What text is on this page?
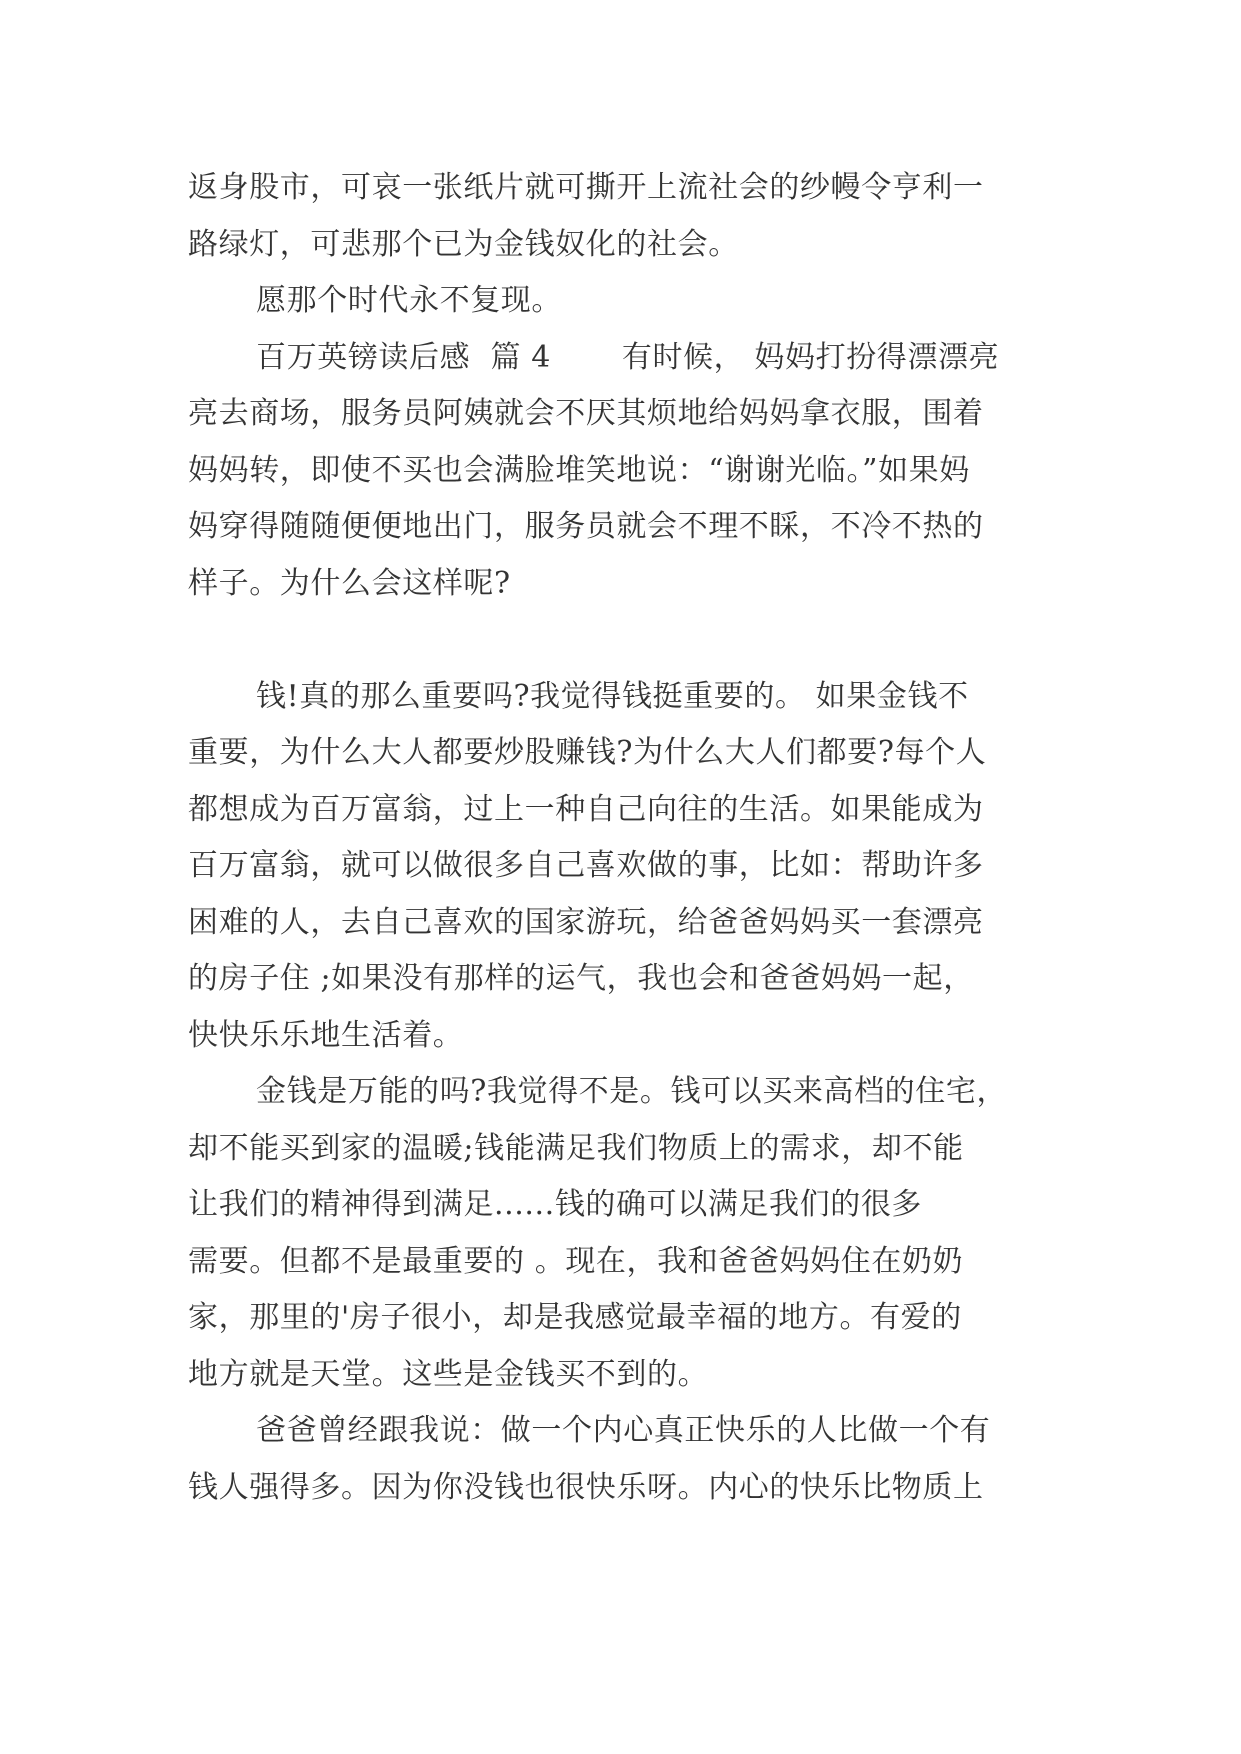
返身股市，可哀一张纸片就可撕开上流社会的纱幔令亨利一
路绿灯，可悲那个已为金钱奴化的社会。
愿那个时代永不复现。
百万英镑读后感  篇 4       有时候， 妈妈打扮得漂漂亮
亮去商场，服务员阿姨就会不厌其烦地给妈妈拿衣服，围着
妈妈转，即使不买也会满脸堆笑地说：“谢谢光临。”如果妈
妈穿得随随便便地出门，服务员就会不理不睬，不冷不热的
样子。为什么会这样呢?
钱!真的那么重要吗?我觉得钱挺重要的。 如果金钱不
重要，为什么大人都要炒股赚钱?为什么大人们都要?每个人
都想成为百万富翁，过上一种自己向往的生活。如果能成为
百万富翁，就可以做很多自己喜欢做的事，比如：帮助许多
困难的人，去自己喜欢的国家游玩，给爸爸妈妈买一套漂亮
的房子住 ;如果没有那样的运气，我也会和爸爸妈妈一起，
快快乐乐地生活着。
金钱是万能的吗?我觉得不是。钱可以买来高档的住宅，
却不能买到家的温暖;钱能满足我们物质上的需求，却不能
让我们的精神得到满足......钱的确可以满足我们的很多
需要。但都不是最重要的 。现在，我和爸爸妈妈住在奶奶
家，那里的'房子很小，却是我感觉最幸福的地方。有爱的
地方就是天堂。这些是金钱买不到的。
爸爸曾经跟我说：做一个内心真正快乐的人比做一个有
钱人强得多。因为你没钱也很快乐呀。内心的快乐比物质上
